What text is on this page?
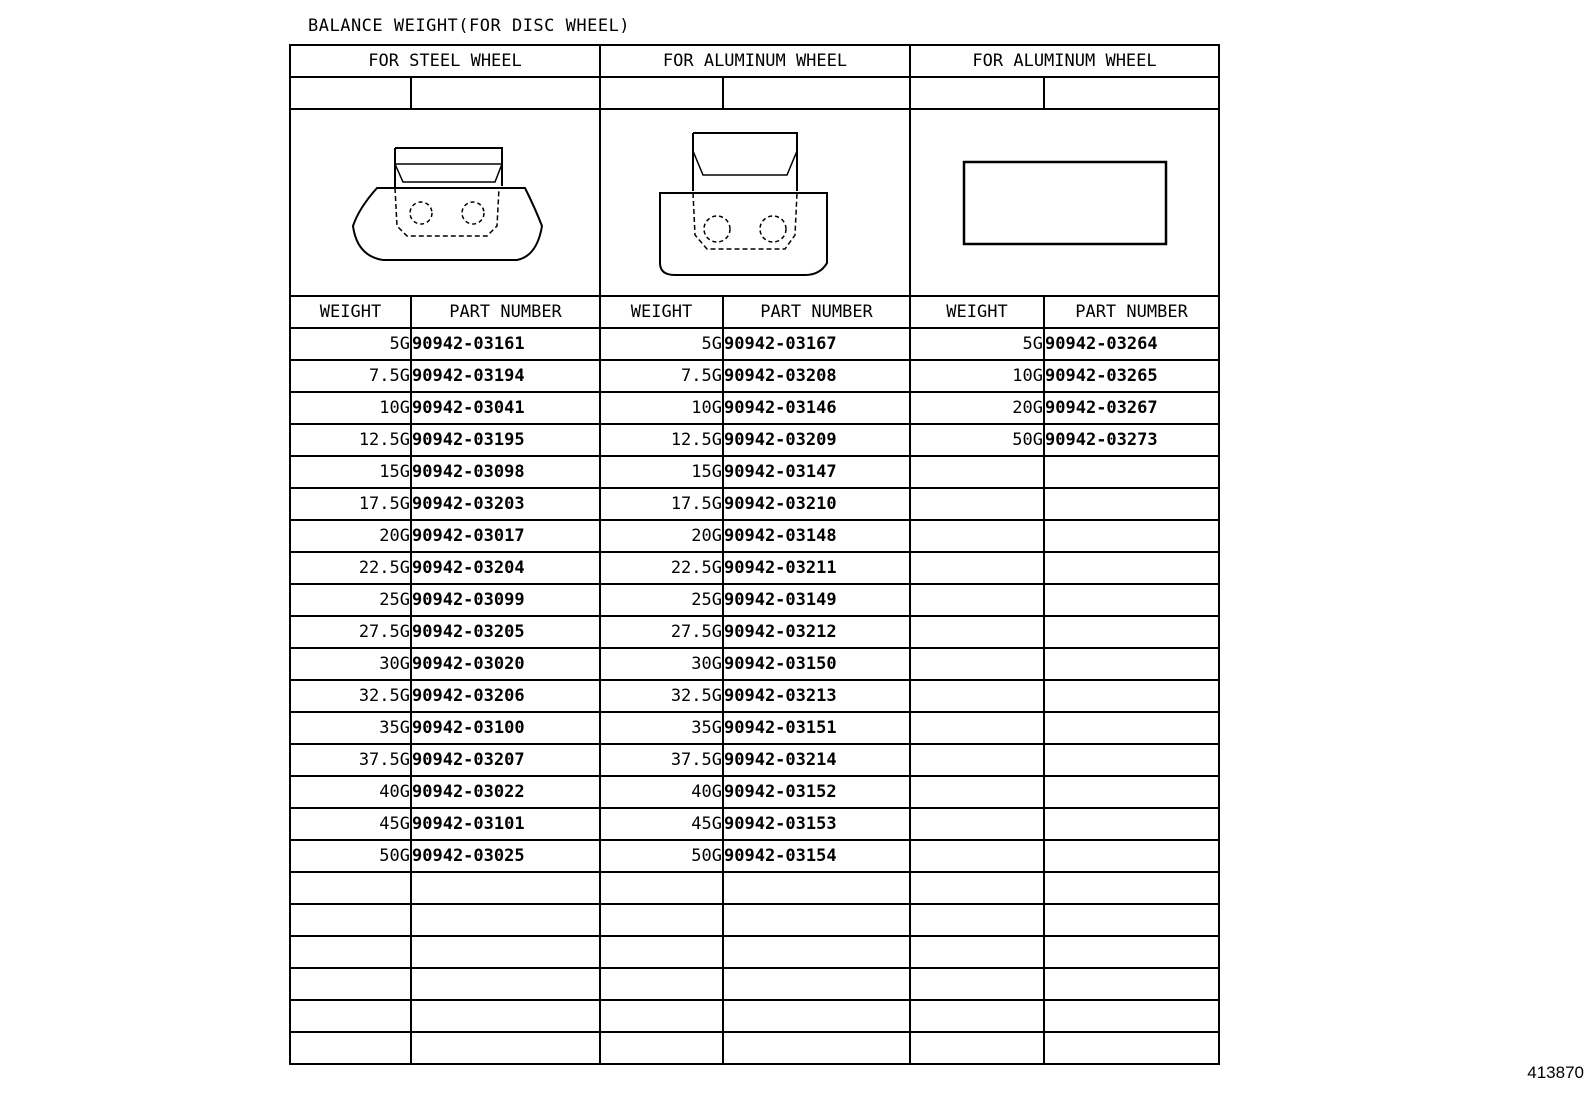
BALANCE WEIGHT(FOR DISC WHEEL)
FOR STEEL WHEEL		FOR ALUMINUM WHEEL		FOR ALUMINUM WHEEL	

WEIGHT	PART NUMBER	WEIGHT	PART NUMBER	WEIGHT	PART NUMBER
5G	90942-03161	5G	90942-03167	5G	90942-03264
7.5G	90942-03194	7.5G	90942-03208	10G	90942-03265
10G	90942-03041	10G	90942-03146	20G	90942-03267
12.5G	90942-03195	12.5G	90942-03209	50G	90942-03273
15G	90942-03098	15G	90942-03147		
17.5G	90942-03203	17.5G	90942-03210		
20G	90942-03017	20G	90942-03148		
22.5G	90942-03204	22.5G	90942-03211		
25G	90942-03099	25G	90942-03149		
27.5G	90942-03205	27.5G	90942-03212		
30G	90942-03020	30G	90942-03150		
32.5G	90942-03206	32.5G	90942-03213		
35G	90942-03100	35G	90942-03151		
37.5G	90942-03207	37.5G	90942-03214		
40G	90942-03022	40G	90942-03152		
45G	90942-03101	45G	90942-03153		
50G	90942-03025	50G	90942-03154		

413870
